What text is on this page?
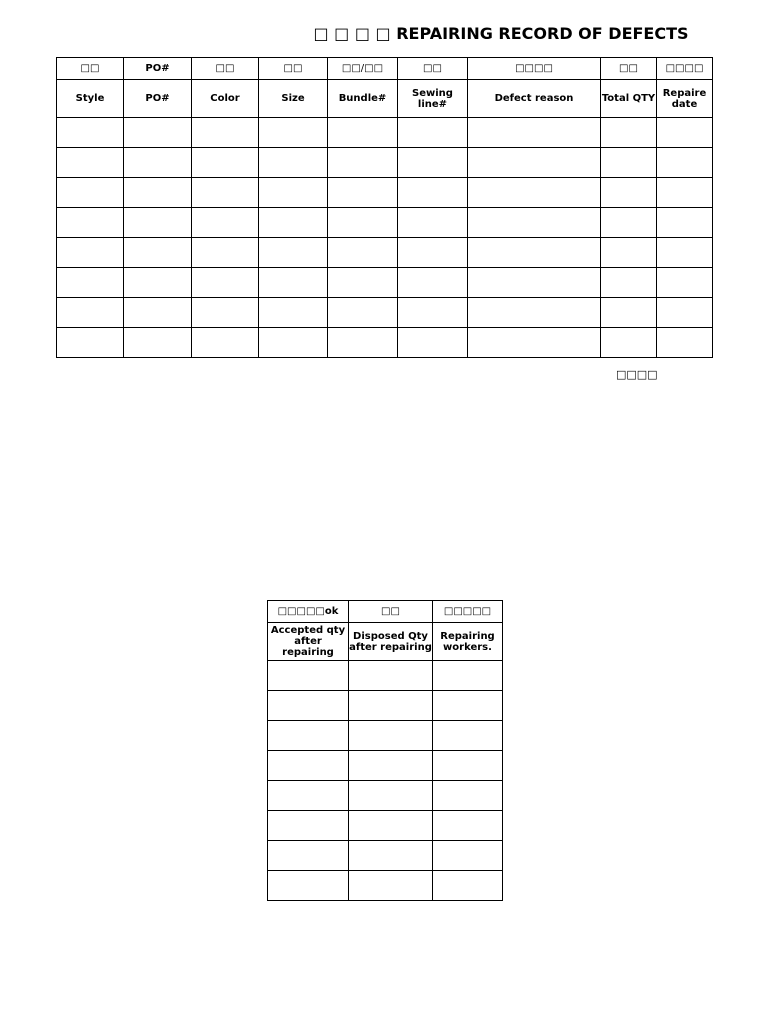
□ □ □ □ REPAIRING RECORD OF DEFECTS
□□	PO#	□□	□□	□□/□□	□□	□□□□	□□	□□□□
Style	PO#	Color	Size	Bundle#	Sewing line#	Defect reason	Total QTY	Repaire date

□□□□
□□□□□ok	□□	□□□□□
Accepted qty after repairing	Disposed Qty after repairing	Repairing workers.
